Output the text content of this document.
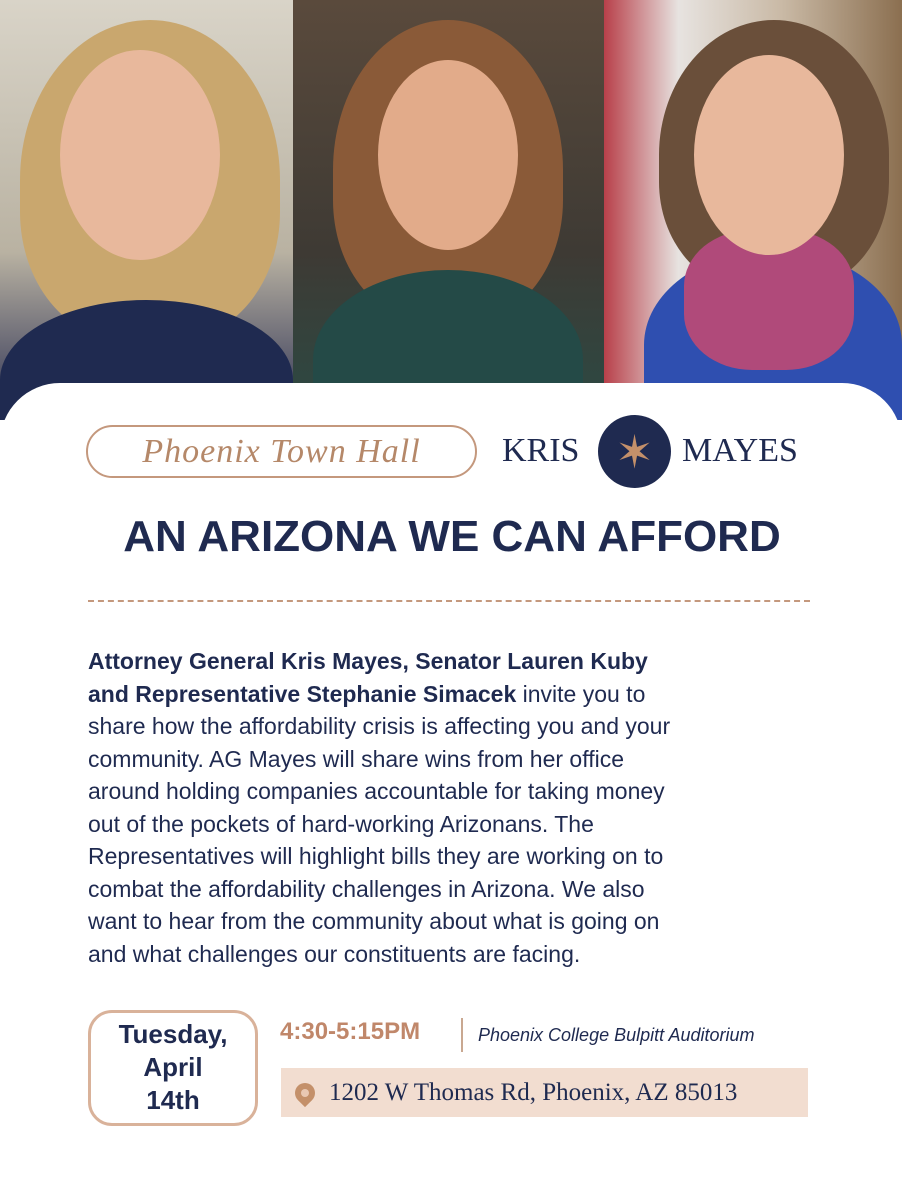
Phoenix Town Hall	KRIS ✶ MAYES
AN ARIZONA WE CAN AFFORD
Attorney General Kris Mayes, Senator Lauren Kuby
and Representative Stephanie Simacek invite you to
share how the affordability crisis is affecting you and your
community. AG Mayes will share wins from her office
around holding companies accountable for taking money
out of the pockets of hard-working Arizonans. The
Representatives will highlight bills they are working on to
combat the affordability challenges in Arizona. We also
want to hear from the community about what is going on
and what challenges our constituents are facing.
Tuesday,
April
14th
4:30-5:15PM	Phoenix College Bulpitt Auditorium
1202 W Thomas Rd, Phoenix, AZ 85013
